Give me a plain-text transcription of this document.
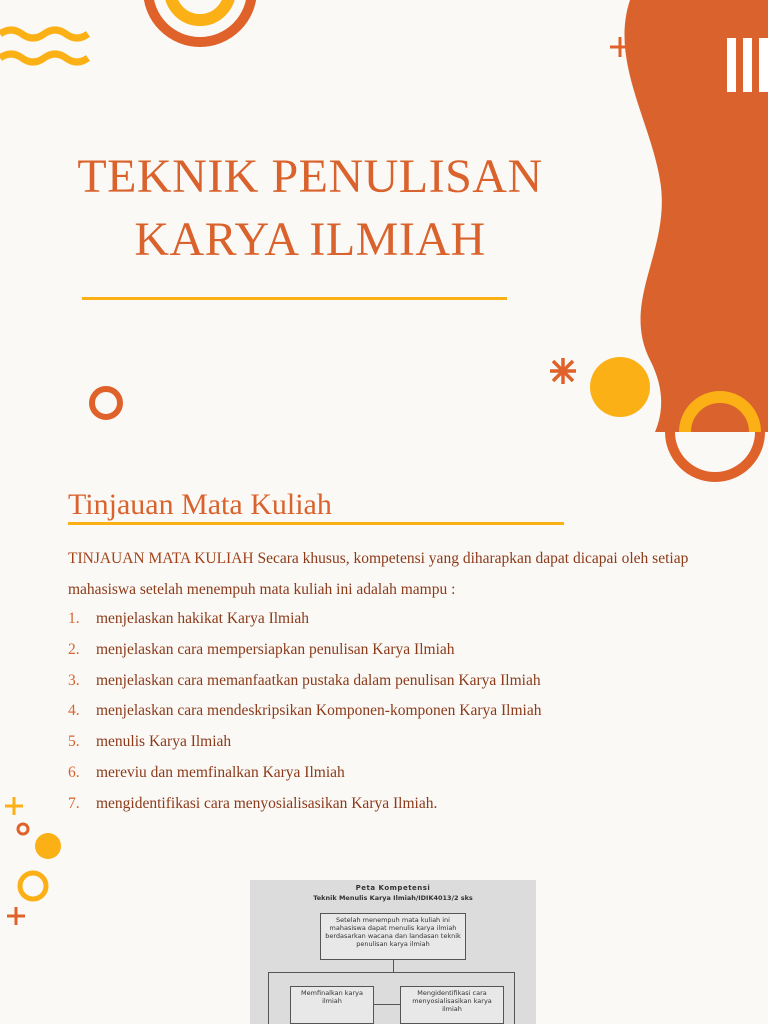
TEKNIK PENULISAN
KARYA ILMIAH
Tinjauan Mata Kuliah
TINJAUAN MATA KULIAH Secara khusus, kompetensi yang diharapkan dapat dicapai oleh setiap mahasiswa setelah menempuh mata kuliah ini adalah mampu :
1.	menjelaskan hakikat Karya Ilmiah
2.	menjelaskan cara mempersiapkan penulisan Karya Ilmiah
3.	menjelaskan cara memanfaatkan pustaka dalam penulisan Karya Ilmiah
4.	menjelaskan cara mendeskripsikan Komponen-komponen Karya Ilmiah
5.	menulis Karya Ilmiah
6.	mereviu dan memfinalkan Karya Ilmiah
7.	mengidentifikasi cara menyosialisasikan Karya Ilmiah.
Peta Kompetensi
Teknik Menulis Karya Ilmiah/IDIK4013/2 sks
Setelah menempuh mata kuliah ini mahasiswa dapat menulis karya ilmiah berdasarkan wacana dan landasan teknik penulisan karya ilmiah
Memfinalkan karya ilmiah
Mengidentifikasi cara menyosialisasikan karya ilmiah
